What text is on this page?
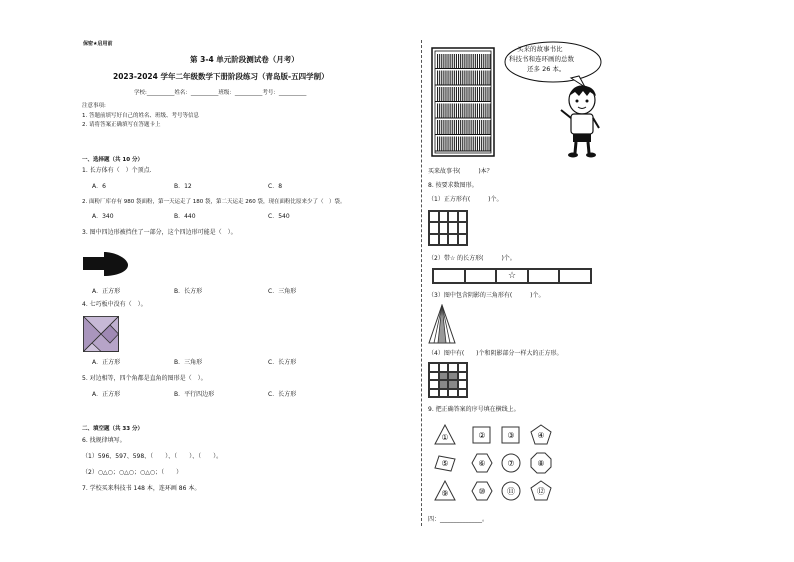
保密★启用前
第 3-4 单元阶段测试卷（月考）
2023-2024 学年二年级数学下册阶段练习（青岛版-五四学制）
学校:__________姓名：__________班级：__________考号：__________
注意事项:
1. 答题前填写好自己的姓名、班级、考号等信息
2. 请将答案正确填写在答题卡上
一、选择题（共 10 分）
1. 长方体有（　）个顶点.
A．6	B．12	C．8
2. 面粉厂库存有 980 袋面粉，第一天运走了 180 袋，第二天运走 260 袋，现在面粉比原来少了（　）袋。
A．340	B．440	C．540
3. 图中四边形被挡住了一部分，这个四边形可能是（　）。
A．正方形	B．长方形	C．三角形
4. 七巧板中没有（　）。
A．正方形	B．三角形	C．长方形
5. 对边相等，四个角都是直角的图形是（　）。
A．正方形	B．平行四边形	C．长方形
二、填空题（共 33 分）
6. 找规律填写。
（1）596、597、598、（　　）、（　　）、（　　）。
（2）○△○；○△○；○△○；（　　）
7. 学校买来科技书 148 本，连环画 86 本。
买来的故事书比
科技书和连环画的总数
还多 26 本。
买来故事书(　　　)本？
8. 按要求数图形。
（1）正方形有(　　　)个。
（2）带☆ 的长方形(　　　)个。
☆
（3）图中包含阴影的三角形有(　　　)个。
（4）图中有(　　)个和阴影部分一样大的正方形。
9. 把正确答案的序号填在横线上。
①	②	③	④
⑤	⑥	⑦	⑧
⑨	⑩	⑪	⑫
四：______________。
